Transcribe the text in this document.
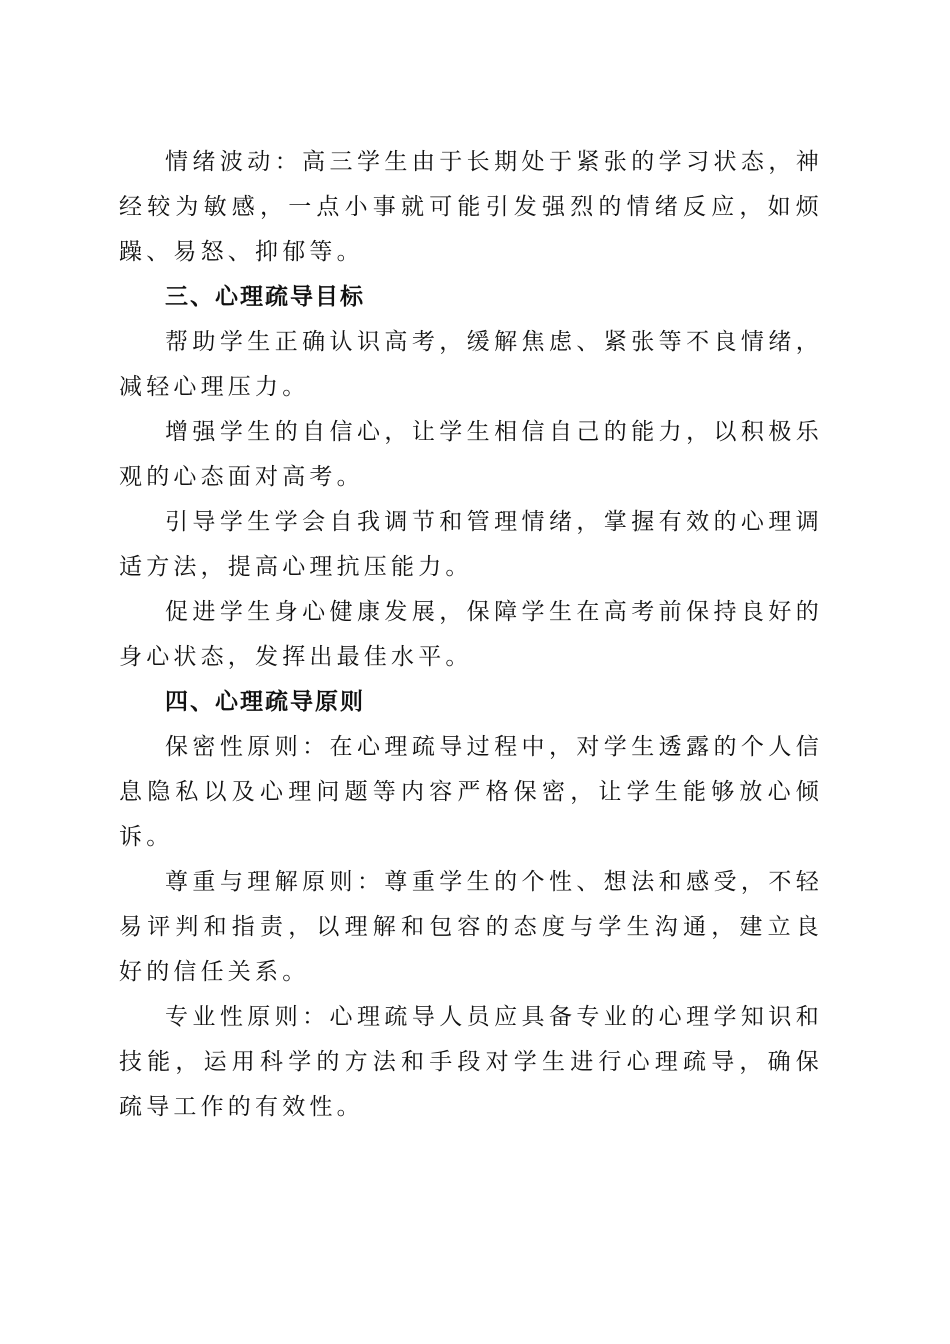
情绪波动：高三学生由于长期处于紧张的学习状态，神经较为敏感，一点小事就可能引发强烈的情绪反应，如烦躁、易怒、抑郁等。

三、心理疏导目标

帮助学生正确认识高考，缓解焦虑、紧张等不良情绪，减轻心理压力。

增强学生的自信心，让学生相信自己的能力，以积极乐观的心态面对高考。

引导学生学会自我调节和管理情绪，掌握有效的心理调适方法，提高心理抗压能力。

促进学生身心健康发展，保障学生在高考前保持良好的身心状态，发挥出最佳水平。

四、心理疏导原则

保密性原则：在心理疏导过程中，对学生透露的个人信息隐私以及心理问题等内容严格保密，让学生能够放心倾诉。

尊重与理解原则：尊重学生的个性、想法和感受，不轻易评判和指责，以理解和包容的态度与学生沟通，建立良好的信任关系。

专业性原则：心理疏导人员应具备专业的心理学知识和技能，运用科学的方法和手段对学生进行心理疏导，确保疏导工作的有效性。
